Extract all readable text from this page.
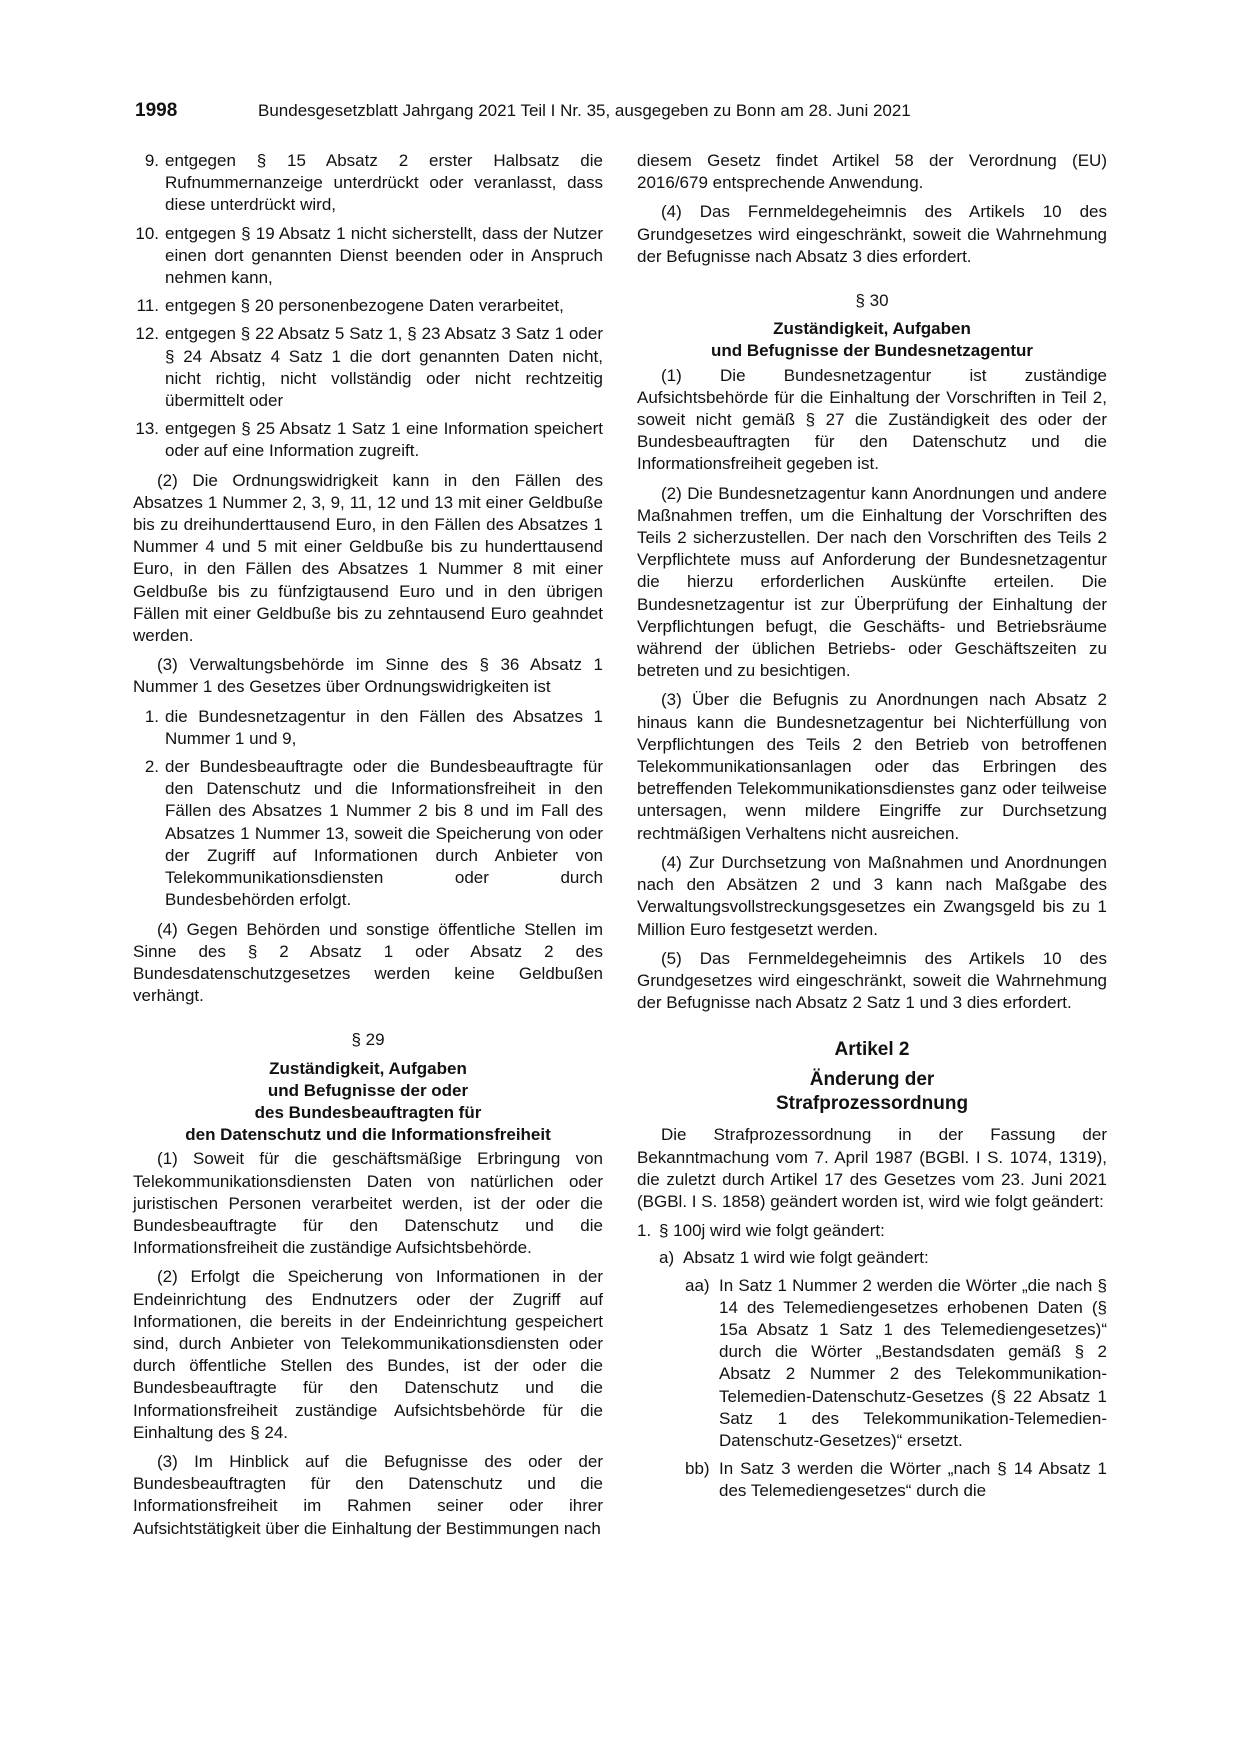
1998	Bundesgesetzblatt Jahrgang 2021 Teil I Nr. 35, ausgegeben zu Bonn am 28. Juni 2021
9. entgegen § 15 Absatz 2 erster Halbsatz die Rufnummernanzeige unterdrückt oder veranlasst, dass diese unterdrückt wird,
10. entgegen § 19 Absatz 1 nicht sicherstellt, dass der Nutzer einen dort genannten Dienst beenden oder in Anspruch nehmen kann,
11. entgegen § 20 personenbezogene Daten verarbeitet,
12. entgegen § 22 Absatz 5 Satz 1, § 23 Absatz 3 Satz 1 oder § 24 Absatz 4 Satz 1 die dort genannten Daten nicht, nicht richtig, nicht vollständig oder nicht rechtzeitig übermittelt oder
13. entgegen § 25 Absatz 1 Satz 1 eine Information speichert oder auf eine Information zugreift.

(2) Die Ordnungswidrigkeit kann in den Fällen des Absatzes 1 Nummer 2, 3, 9, 11, 12 und 13 mit einer Geldbuße bis zu dreihunderttausend Euro, in den Fällen des Absatzes 1 Nummer 4 und 5 mit einer Geldbuße bis zu hunderttausend Euro, in den Fällen des Absatzes 1 Nummer 8 mit einer Geldbuße bis zu fünfzigtausend Euro und in den übrigen Fällen mit einer Geldbuße bis zu zehntausend Euro geahndet werden.

(3) Verwaltungsbehörde im Sinne des § 36 Absatz 1 Nummer 1 des Gesetzes über Ordnungswidrigkeiten ist

1. die Bundesnetzagentur in den Fällen des Absatzes 1 Nummer 1 und 9,
2. der Bundesbeauftragte oder die Bundesbeauftragte für den Datenschutz und die Informationsfreiheit in den Fällen des Absatzes 1 Nummer 2 bis 8 und im Fall des Absatzes 1 Nummer 13, soweit die Speicherung von oder der Zugriff auf Informationen durch Anbieter von Telekommunikationsdiensten oder durch Bundesbehörden erfolgt.

(4) Gegen Behörden und sonstige öffentliche Stellen im Sinne des § 2 Absatz 1 oder Absatz 2 des Bundesdatenschutzgesetzes werden keine Geldbußen verhängt.

§ 29
Zuständigkeit, Aufgaben
und Befugnisse der oder
des Bundesbeauftragten für
den Datenschutz und die Informationsfreiheit

(1) Soweit für die geschäftsmäßige Erbringung von Telekommunikationsdiensten Daten von natürlichen oder juristischen Personen verarbeitet werden, ist der oder die Bundesbeauftragte für den Datenschutz und die Informationsfreiheit die zuständige Aufsichtsbehörde.

(2) Erfolgt die Speicherung von Informationen in der Endeinrichtung des Endnutzers oder der Zugriff auf Informationen, die bereits in der Endeinrichtung gespeichert sind, durch Anbieter von Telekommunikationsdiensten oder durch öffentliche Stellen des Bundes, ist der oder die Bundesbeauftragte für den Datenschutz und die Informationsfreiheit zuständige Aufsichtsbehörde für die Einhaltung des § 24.

(3) Im Hinblick auf die Befugnisse des oder der Bundesbeauftragten für den Datenschutz und die Informationsfreiheit im Rahmen seiner oder ihrer Aufsichtstätigkeit über die Einhaltung der Bestimmungen nach

diesem Gesetz findet Artikel 58 der Verordnung (EU) 2016/679 entsprechende Anwendung.

(4) Das Fernmeldegeheimnis des Artikels 10 des Grundgesetzes wird eingeschränkt, soweit die Wahrnehmung der Befugnisse nach Absatz 3 dies erfordert.

§ 30
Zuständigkeit, Aufgaben
und Befugnisse der Bundesnetzagentur

(1) Die Bundesnetzagentur ist zuständige Aufsichtsbehörde für die Einhaltung der Vorschriften in Teil 2, soweit nicht gemäß § 27 die Zuständigkeit des oder der Bundesbeauftragten für den Datenschutz und die Informationsfreiheit gegeben ist.

(2) Die Bundesnetzagentur kann Anordnungen und andere Maßnahmen treffen, um die Einhaltung der Vorschriften des Teils 2 sicherzustellen. Der nach den Vorschriften des Teils 2 Verpflichtete muss auf Anforderung der Bundesnetzagentur die hierzu erforderlichen Auskünfte erteilen. Die Bundesnetzagentur ist zur Überprüfung der Einhaltung der Verpflichtungen befugt, die Geschäfts- und Betriebsräume während der üblichen Betriebs- oder Geschäftszeiten zu betreten und zu besichtigen.

(3) Über die Befugnis zu Anordnungen nach Absatz 2 hinaus kann die Bundesnetzagentur bei Nichterfüllung von Verpflichtungen des Teils 2 den Betrieb von betroffenen Telekommunikationsanlagen oder das Erbringen des betreffenden Telekommunikationsdienstes ganz oder teilweise untersagen, wenn mildere Eingriffe zur Durchsetzung rechtmäßigen Verhaltens nicht ausreichen.

(4) Zur Durchsetzung von Maßnahmen und Anordnungen nach den Absätzen 2 und 3 kann nach Maßgabe des Verwaltungsvollstreckungsgesetzes ein Zwangsgeld bis zu 1 Million Euro festgesetzt werden.

(5) Das Fernmeldegeheimnis des Artikels 10 des Grundgesetzes wird eingeschränkt, soweit die Wahrnehmung der Befugnisse nach Absatz 2 Satz 1 und 3 dies erfordert.

Artikel 2
Änderung der
Strafprozessordnung

Die Strafprozessordnung in der Fassung der Bekanntmachung vom 7. April 1987 (BGBl. I S. 1074, 1319), die zuletzt durch Artikel 17 des Gesetzes vom 23. Juni 2021 (BGBl. I S. 1858) geändert worden ist, wird wie folgt geändert:

1. § 100j wird wie folgt geändert:
a) Absatz 1 wird wie folgt geändert:
aa) In Satz 1 Nummer 2 werden die Wörter „die nach § 14 des Telemediengesetzes erhobenen Daten (§ 15a Absatz 1 Satz 1 des Telemediengesetzes)“ durch die Wörter „Bestandsdaten gemäß § 2 Absatz 2 Nummer 2 des Telekommunikation-Telemedien-Datenschutz-Gesetzes (§ 22 Absatz 1 Satz 1 des Telekommunikation-Telemedien-Datenschutz-Gesetzes)“ ersetzt.
bb) In Satz 3 werden die Wörter „nach § 14 Absatz 1 des Telemediengesetzes“ durch die
